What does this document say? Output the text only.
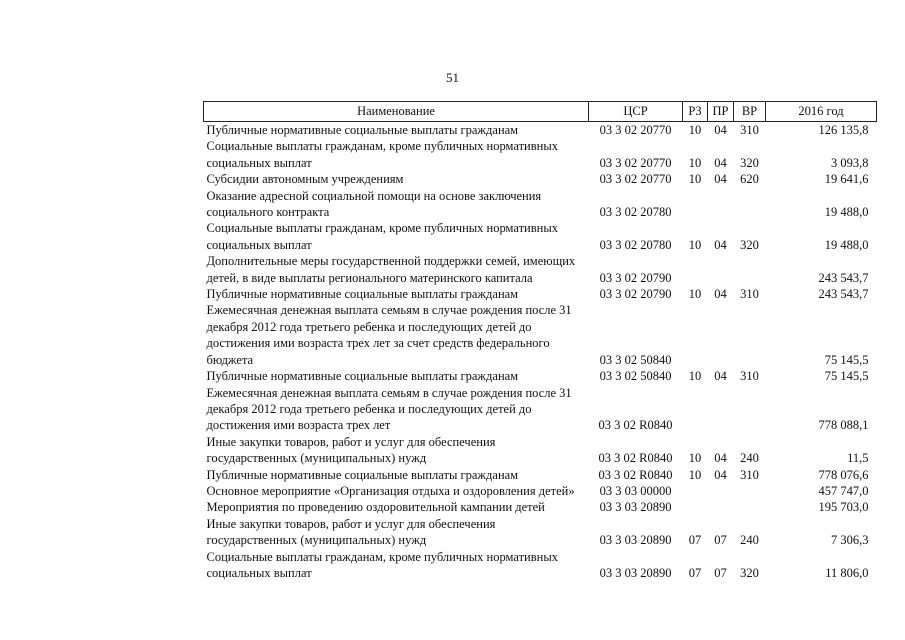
51
Наименование	ЦСР	РЗ	ПР	ВР	2016 год
Публичные нормативные социальные выплаты гражданам	03 3 02 20770	10	04	310	126 135,8
Социальные выплаты гражданам, кроме публичных нормативных
социальных выплат	03 3 02 20770	10	04	320	3 093,8
Субсидии автономным учреждениям	03 3 02 20770	10	04	620	19 641,6
Оказание адресной социальной помощи на основе заключения
социального контракта	03 3 02 20780				19 488,0
Социальные выплаты гражданам, кроме публичных нормативных
социальных выплат	03 3 02 20780	10	04	320	19 488,0
Дополнительные меры государственной поддержки семей, имеющих
детей, в виде выплаты регионального материнского капитала	03 3 02 20790				243 543,7
Публичные нормативные социальные выплаты гражданам	03 3 02 20790	10	04	310	243 543,7
Ежемесячная денежная выплата семьям в случае рождения после 31
декабря 2012 года третьего ребенка и последующих детей до
достижения ими возраста трех лет за счет средств федерального
бюджета	03 3 02 50840				75 145,5
Публичные нормативные социальные выплаты гражданам	03 3 02 50840	10	04	310	75 145,5
Ежемесячная денежная выплата семьям в случае рождения после 31
декабря 2012 года третьего ребенка и последующих детей до
достижения ими возраста трех лет	03 3 02 R0840				778 088,1
Иные закупки товаров, работ и услуг для обеспечения
государственных (муниципальных) нужд	03 3 02 R0840	10	04	240	11,5
Публичные нормативные социальные выплаты гражданам	03 3 02 R0840	10	04	310	778 076,6
Основное мероприятие «Организация отдыха и оздоровления детей»	03 3 03 00000				457 747,0
Мероприятия по проведению оздоровительной кампании детей	03 3 03 20890				195 703,0
Иные закупки товаров, работ и услуг для обеспечения
государственных (муниципальных) нужд	03 3 03 20890	07	07	240	7 306,3
Социальные выплаты гражданам, кроме публичных нормативных
социальных выплат	03 3 03 20890	07	07	320	11 806,0
